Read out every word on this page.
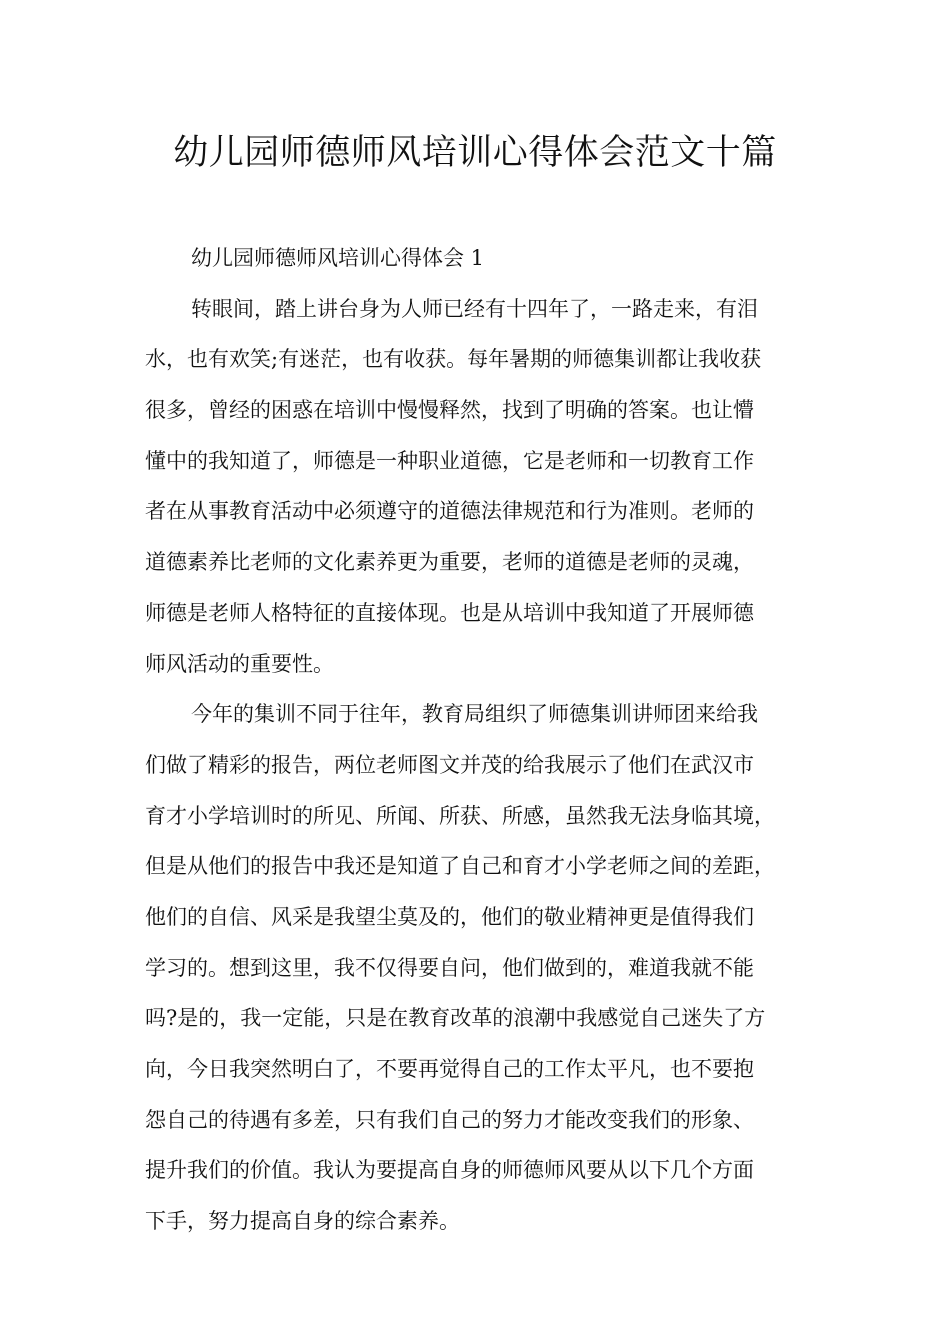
幼儿园师德师风培训心得体会范文十篇
幼儿园师德师风培训心得体会 1
转眼间，踏上讲台身为人师已经有十四年了，一路走来，有泪
水，也有欢笑;有迷茫，也有收获。每年暑期的师德集训都让我收获
很多，曾经的困惑在培训中慢慢释然，找到了明确的答案。也让懵
懂中的我知道了，师德是一种职业道德，它是老师和一切教育工作
者在从事教育活动中必须遵守的道德法律规范和行为准则。老师的
道德素养比老师的文化素养更为重要，老师的道德是老师的灵魂，
师德是老师人格特征的直接体现。也是从培训中我知道了开展师德
师风活动的重要性。
今年的集训不同于往年，教育局组织了师德集训讲师团来给我
们做了精彩的报告，两位老师图文并茂的给我展示了他们在武汉市
育才小学培训时的所见、所闻、所获、所感，虽然我无法身临其境，
但是从他们的报告中我还是知道了自己和育才小学老师之间的差距，
他们的自信、风采是我望尘莫及的，他们的敬业精神更是值得我们
学习的。想到这里，我不仅得要自问，他们做到的，难道我就不能
吗?是的，我一定能，只是在教育改革的浪潮中我感觉自己迷失了方
向，今日我突然明白了，不要再觉得自己的工作太平凡，也不要抱
怨自己的待遇有多差，只有我们自己的努力才能改变我们的形象、
提升我们的价值。我认为要提高自身的师德师风要从以下几个方面
下手，努力提高自身的综合素养。
